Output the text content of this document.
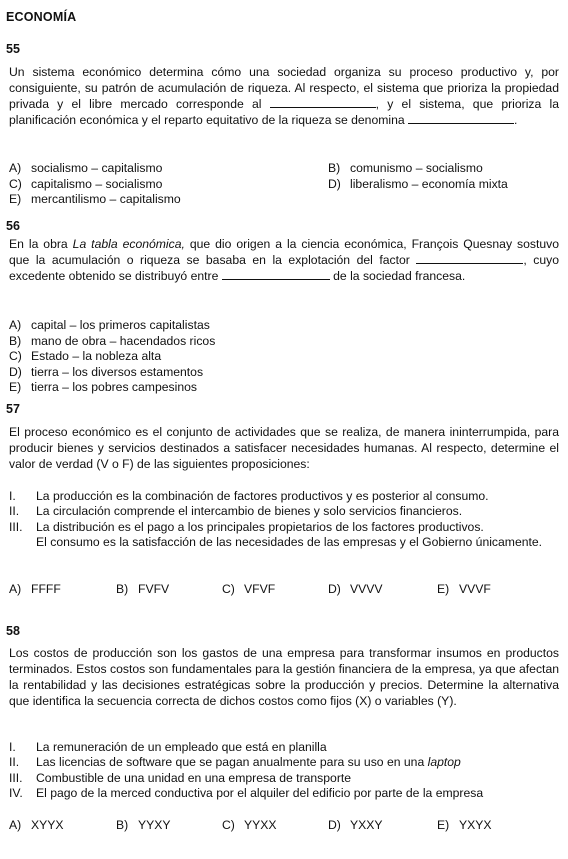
ECONOMÍA
55

Un sistema económico determina cómo una sociedad organiza su proceso productivo y, por consiguiente, su patrón de acumulación de riqueza. Al respecto, el sistema que prioriza la propiedad privada y el libre mercado corresponde al	, y el sistema, que prioriza la planificación económica y el reparto equitativo de la riqueza se denomina	.

A) socialismo – capitalismo	B) comunismo – socialismo
C) capitalismo – socialismo	D) liberalismo – economía mixta
E) mercantilismo – capitalismo
56

En la obra La tabla económica, que dio origen a la ciencia económica, François Quesnay sostuvo que la acumulación o riqueza se basaba en la explotación del factor	, cuyo excedente obtenido se distribuyó entre	de la sociedad francesa.

A) capital – los primeros capitalistas
B) mano de obra – hacendados ricos
C) Estado – la nobleza alta
D) tierra – los diversos estamentos
E) tierra – los pobres campesinos
57

El proceso económico es el conjunto de actividades que se realiza, de manera ininterrumpida, para producir bienes y servicios destinados a satisfacer necesidades humanas. Al respecto, determine el valor de verdad (V o F) de las siguientes proposiciones:

I. La producción es la combinación de factores productivos y es posterior al consumo.
II. La circulación comprende el intercambio de bienes y solo servicios financieros.
III. La distribución es el pago a los principales propietarios de los factores productivos.
El consumo es la satisfacción de las necesidades de las empresas y el Gobierno únicamente.
A) FFFF	B) FVFV	C) VFVF	D) VVVV	E) VVVF
58

Los costos de producción son los gastos de una empresa para transformar insumos en productos terminados. Estos costos son fundamentales para la gestión financiera de la empresa, ya que afectan la rentabilidad y las decisiones estratégicas sobre la producción y precios. Determine la alternativa que identifica la secuencia correcta de dichos costos como fijos (X) o variables (Y).

I. La remuneración de un empleado que está en planilla
II. Las licencias de software que se pagan anualmente para su uso en una laptop
III. Combustible de una unidad en una empresa de transporte
IV. El pago de la merced conductiva por el alquiler del edificio por parte de la empresa
A) XYYX	B) YYXY	C) YYXX	D) YXXY	E) YXYX
